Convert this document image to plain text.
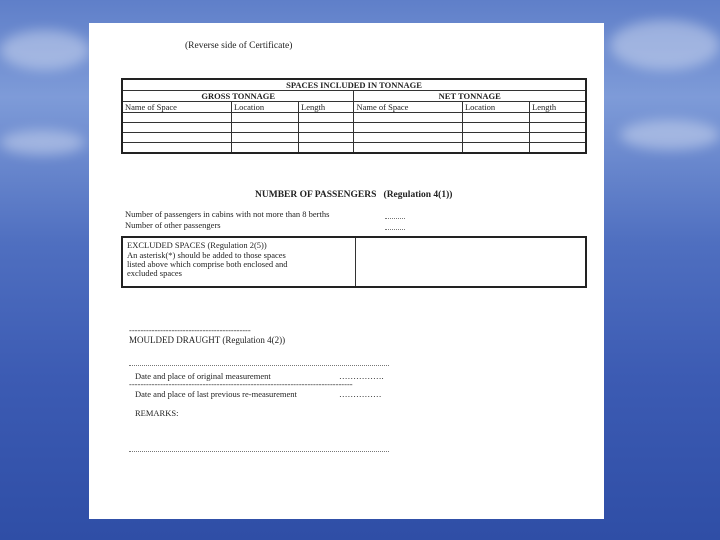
(Reverse side of Certificate)
SPACES INCLUDED IN TONNAGE					
GROSS TONNAGE			NET TONNAGE		
Name of Space	Location	Length	Name of Space	Location	Length

NUMBER OF PASSENGERS (Regulation 4(1))
Number of passengers in cabins with not more than 8 berths
Number of other passengers
EXCLUDED SPACES (Regulation 2(5))
An asterisk(*) should be added to those spaces
listed above which comprise both enclosed and
excluded spaces
-------------------------------------------
MOULDED DRAUGHT (Regulation 4(2))
Date and place of original measurement	…………….
-------------------------------------------------------------------------------
Date and place of last previous re-measurement	……………
REMARKS:
